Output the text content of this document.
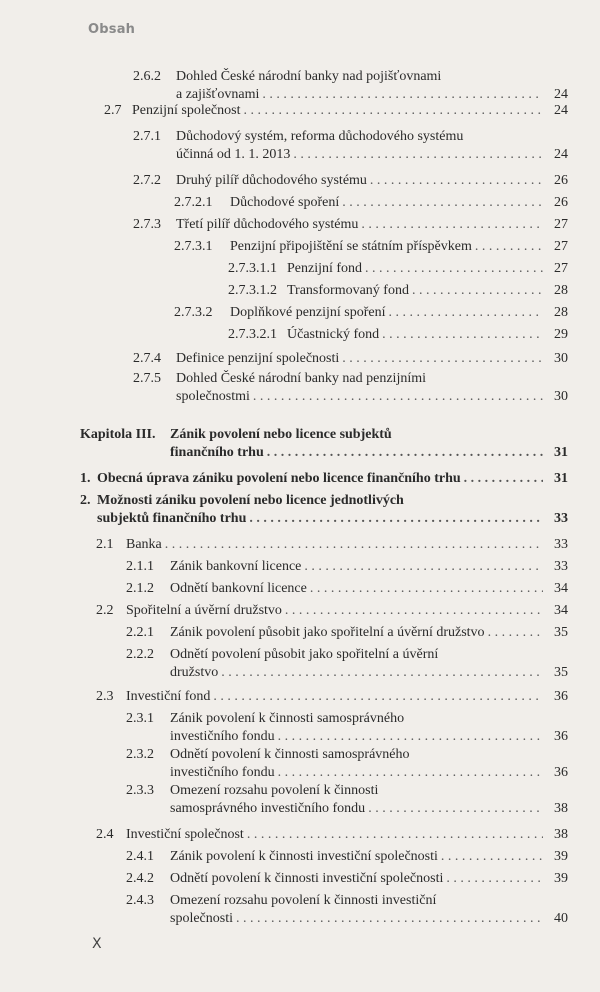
Obsah
2.6.2 Dohled České národní banky nad pojišťovnami
a zajišťovnami . . .	24
2.7 Penzijní společnost . . .	24
2.7.1 Důchodový systém, reforma důchodového systému
účinná od 1. 1. 2013 . . .	24
2.7.2 Druhý pilíř důchodového systému . . .	26
2.7.2.1 Důchodové spoření . . .	26
2.7.3 Třetí pilíř důchodového systému . . .	27
2.7.3.1 Penzijní připojištění se státním příspěvkem . . .	27
2.7.3.1.1 Penzijní fond . . .	27
2.7.3.1.2 Transformovaný fond . . .	28
2.7.3.2 Doplňkové penzijní spoření . . .	28
2.7.3.2.1 Účastnický fond . . .	29
2.7.4 Definice penzijní společnosti . . .	30
2.7.5 Dohled České národní banky nad penzijními
společnostmi . . .	30
Kapitola III. Zánik povolení nebo licence subjektů
finančního trhu . . .	31
1. Obecná úprava zániku povolení nebo licence finančního trhu . . .	31
2. Možnosti zániku povolení nebo licence jednotlivých
subjektů finančního trhu . . .	33
2.1 Banka . . .	33
2.1.1 Zánik bankovní licence . . .	33
2.1.2 Odnětí bankovní licence . . .	34
2.2 Spořitelní a úvěrní družstvo . . .	34
2.2.1 Zánik povolení působit jako spořitelní a úvěrní družstvo . . .	35
2.2.2 Odnětí povolení působit jako spořitelní a úvěrní
družstvo . . .	35
2.3 Investiční fond . . .	36
2.3.1 Zánik povolení k činnosti samosprávného
investičního fondu . . .	36
2.3.2 Odnětí povolení k činnosti samosprávného
investičního fondu . . .	36
2.3.3 Omezení rozsahu povolení k činnosti
samosprávného investičního fondu . . .	38
2.4 Investiční společnost . . .	38
2.4.1 Zánik povolení k činnosti investiční společnosti . . .	39
2.4.2 Odnětí povolení k činnosti investiční společnosti . . .	39
2.4.3 Omezení rozsahu povolení k činnosti investiční
společnosti . . .	40
X
